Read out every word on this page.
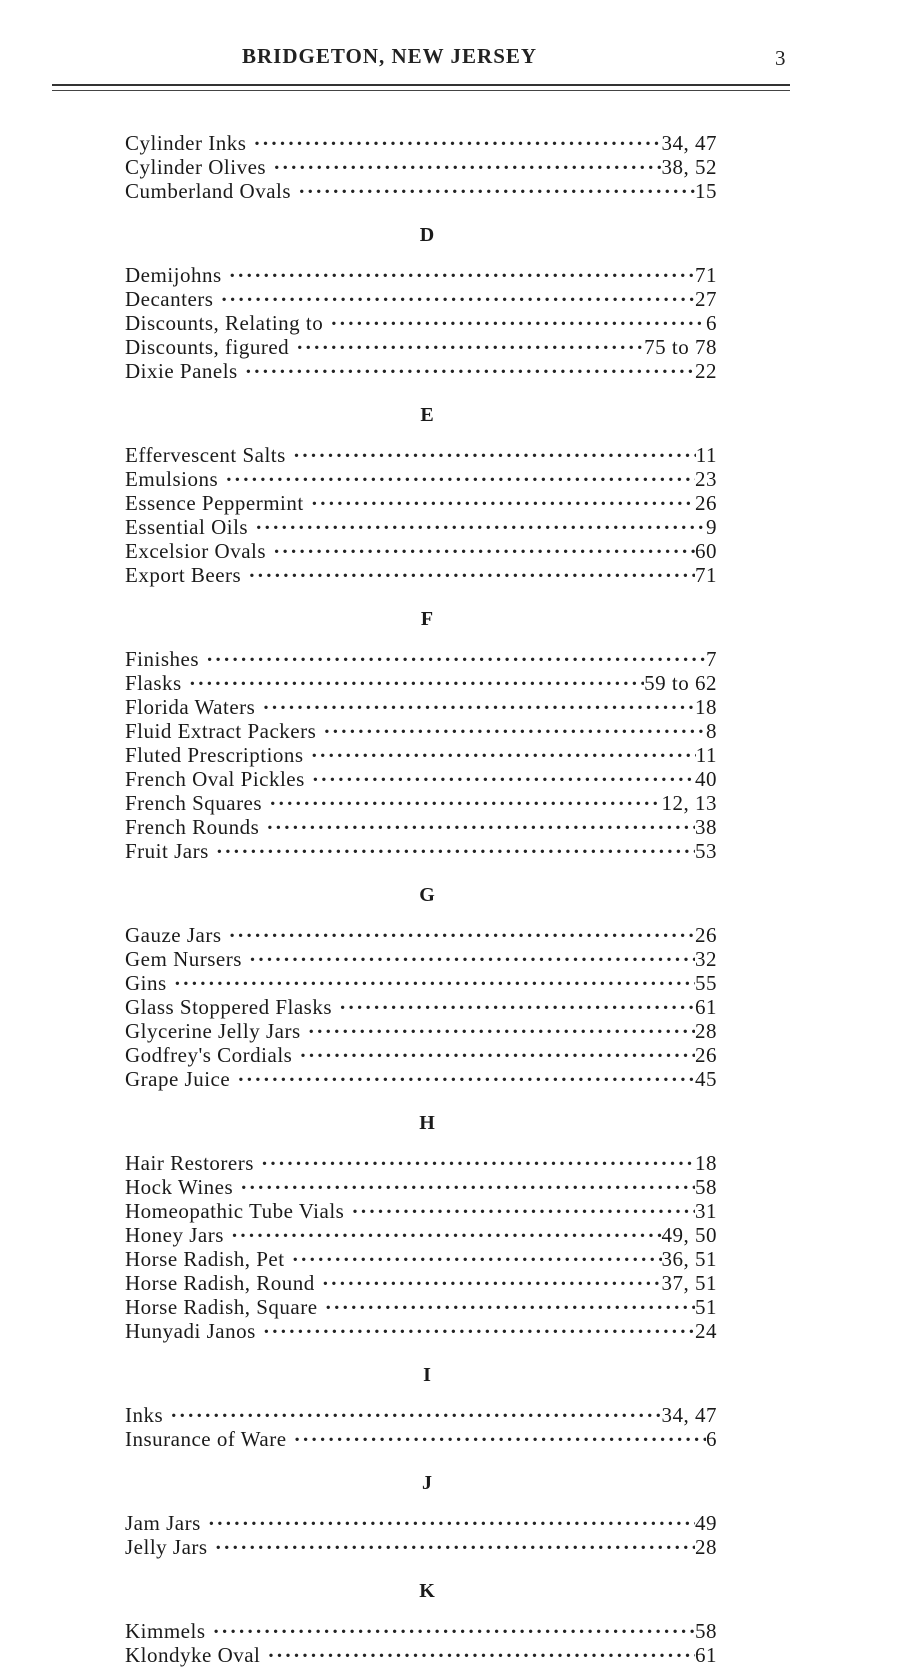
BRIDGETON, NEW JERSEY	3
Cylinder Inks . . .	34, 47
Cylinder Olives . . .	38, 52
Cumberland Ovals . . .	15
D
Demijohns . . .	71
Decanters . . .	27
Discounts, Relating to . . .	6
Discounts, figured . . .	75 to 78
Dixie Panels . . .	22
E
Effervescent Salts . . .	11
Emulsions . . .	23
Essence Peppermint . . .	26
Essential Oils . . .	9
Excelsior Ovals . . .	60
Export Beers . . .	71
F
Finishes . . .	7
Flasks . . .	59 to 62
Florida Waters . . .	18
Fluid Extract Packers . . .	8
Fluted Prescriptions . . .	11
French Oval Pickles . . .	40
French Squares . . .	12, 13
French Rounds . . .	38
Fruit Jars . . .	53
G
Gauze Jars . . .	26
Gem Nursers . . .	32
Gins . . .	55
Glass Stoppered Flasks . . .	61
Glycerine Jelly Jars . . .	28
Godfrey's Cordials . . .	26
Grape Juice . . .	45
H
Hair Restorers . . .	18
Hock Wines . . .	58
Homeopathic Tube Vials . . .	31
Honey Jars . . .	49, 50
Horse Radish, Pet . . .	36, 51
Horse Radish, Round . . .	37, 51
Horse Radish, Square . . .	51
Hunyadi Janos . . .	24
I
Inks . . .	34, 47
Insurance of Ware . . .	6
J
Jam Jars . . .	49
Jelly Jars . . .	28
K
Kimmels . . .	58
Klondyke Oval . . .	61
